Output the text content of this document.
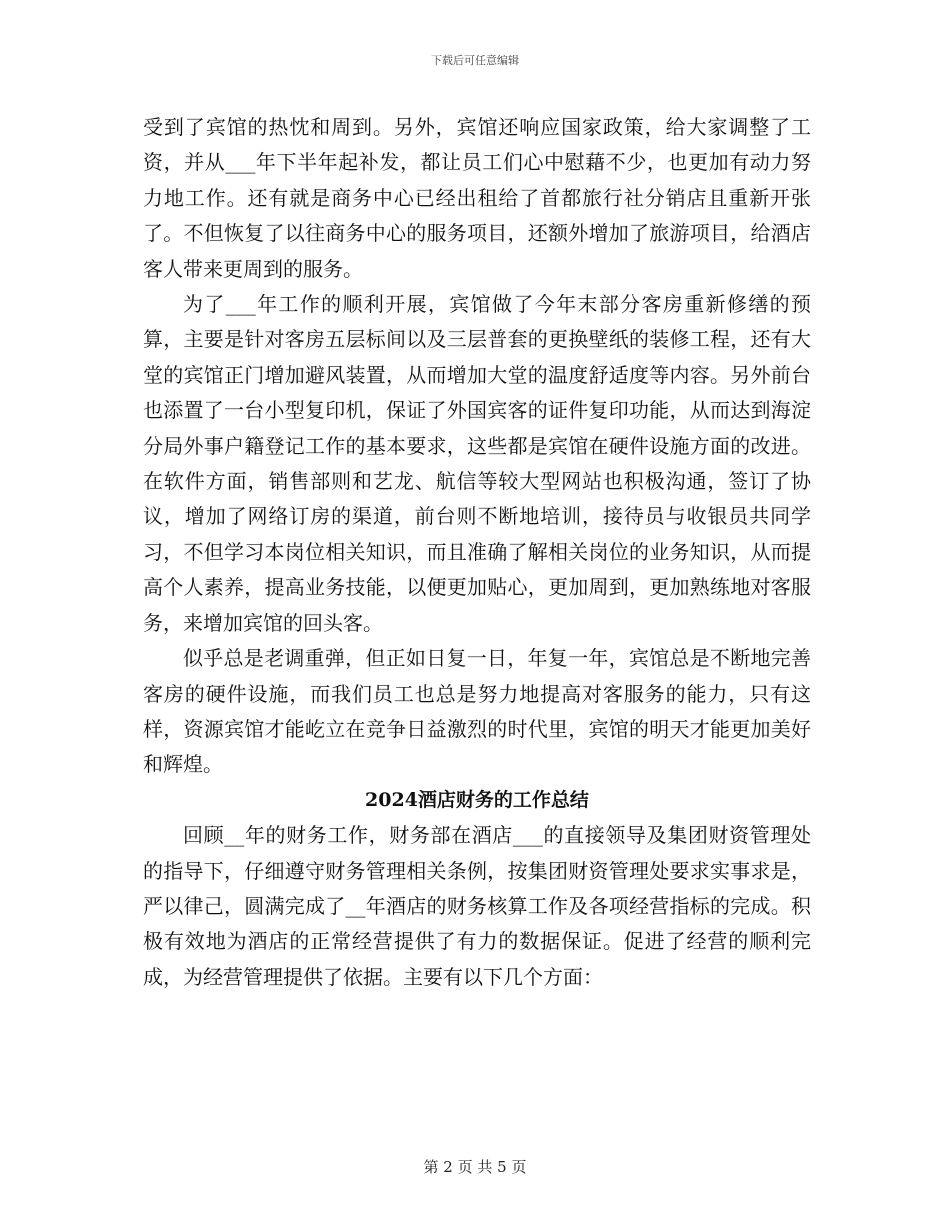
下载后可任意编辑

受到了宾馆的热忱和周到。另外，宾馆还响应国家政策，给大家调整了工资，并从___年下半年起补发，都让员工们心中慰藉不少，也更加有动力努力地工作。还有就是商务中心已经出租给了首都旅行社分销店且重新开张了。不但恢复了以往商务中心的服务项目，还额外增加了旅游项目，给酒店客人带来更周到的服务。

为了___年工作的顺利开展，宾馆做了今年末部分客房重新修缮的预算，主要是针对客房五层标间以及三层普套的更换壁纸的装修工程，还有大堂的宾馆正门增加避风装置，从而增加大堂的温度舒适度等内容。另外前台也添置了一台小型复印机，保证了外国宾客的证件复印功能，从而达到海淀分局外事户籍登记工作的基本要求，这些都是宾馆在硬件设施方面的改进。在软件方面，销售部则和艺龙、航信等较大型网站也积极沟通，签订了协议，增加了网络订房的渠道，前台则不断地培训，接待员与收银员共同学习，不但学习本岗位相关知识，而且准确了解相关岗位的业务知识，从而提高个人素养，提高业务技能，以便更加贴心，更加周到，更加熟练地对客服务，来增加宾馆的回头客。

似乎总是老调重弹，但正如日复一日，年复一年，宾馆总是不断地完善客房的硬件设施，而我们员工也总是努力地提高对客服务的能力，只有这样，资源宾馆才能屹立在竞争日益激烈的时代里，宾馆的明天才能更加美好和辉煌。

2024酒店财务的工作总结

回顾__年的财务工作，财务部在酒店___的直接领导及集团财资管理处的指导下，仔细遵守财务管理相关条例，按集团财资管理处要求实事求是，严以律己，圆满完成了__年酒店的财务核算工作及各项经营指标的完成。积极有效地为酒店的正常经营提供了有力的数据保证。促进了经营的顺利完成，为经营管理提供了依据。主要有以下几个方面：

第 2 页 共 5 页
